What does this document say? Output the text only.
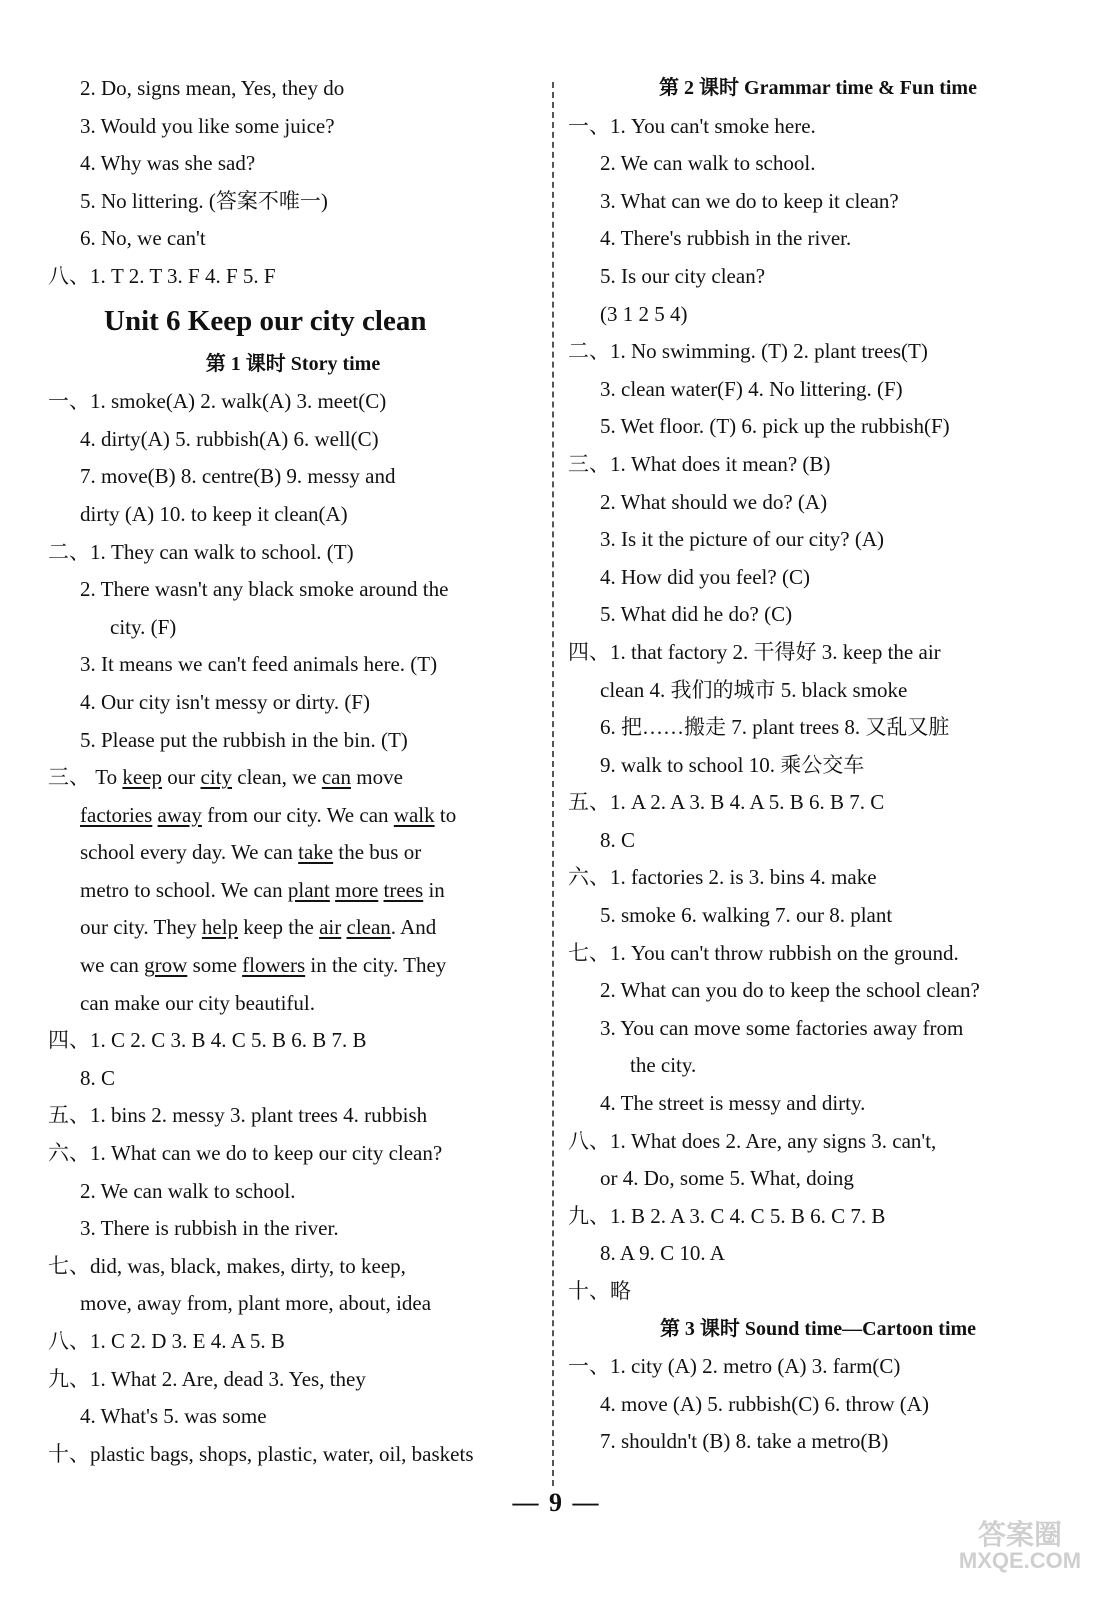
2. Do, signs mean, Yes, they do
3. Would you like some juice?
4. Why was she sad?
5. No littering. (答案不唯一)
6. No, we can't
八、1. T 2. T 3. F 4. F 5. F
Unit 6 Keep our city clean
第 1 课时 Story time
一、1. smoke(A) 2. walk(A) 3. meet(C)
4. dirty(A) 5. rubbish(A) 6. well(C)
7. move(B) 8. centre(B) 9. messy and
dirty (A) 10. to keep it clean(A)
二、1. They can walk to school. (T)
2. There wasn't any black smoke around the
city. (F)
3. It means we can't feed animals here. (T)
4. Our city isn't messy or dirty. (F)
5. Please put the rubbish in the bin. (T)
三、 To keep our city clean, we can move
factories away from our city. We can walk to
school every day. We can take the bus or
metro to school. We can plant more trees in
our city. They help keep the air clean. And
we can grow some flowers in the city. They
can make our city beautiful.
四、1. C 2. C 3. B 4. C 5. B 6. B 7. B
8. C
五、1. bins 2. messy 3. plant trees 4. rubbish
六、1. What can we do to keep our city clean?
2. We can walk to school.
3. There is rubbish in the river.
七、did, was, black, makes, dirty, to keep,
move, away from, plant more, about, idea
八、1. C 2. D 3. E 4. A 5. B
九、1. What 2. Are, dead 3. Yes, they
4. What's 5. was some
十、plastic bags, shops, plastic, water, oil, baskets
第 2 课时 Grammar time & Fun time
一、1. You can't smoke here.
2. We can walk to school.
3. What can we do to keep it clean?
4. There's rubbish in the river.
5. Is our city clean?
(3 1 2 5 4)
二、1. No swimming. (T) 2. plant trees(T)
3. clean water(F) 4. No littering. (F)
5. Wet floor. (T) 6. pick up the rubbish(F)
三、1. What does it mean? (B)
2. What should we do? (A)
3. Is it the picture of our city? (A)
4. How did you feel? (C)
5. What did he do? (C)
四、1. that factory 2. 干得好 3. keep the air
clean 4. 我们的城市 5. black smoke
6. 把……搬走 7. plant trees 8. 又乱又脏
9. walk to school 10. 乘公交车
五、1. A 2. A 3. B 4. A 5. B 6. B 7. C
8. C
六、1. factories 2. is 3. bins 4. make
5. smoke 6. walking 7. our 8. plant
七、1. You can't throw rubbish on the ground.
2. What can you do to keep the school clean?
3. You can move some factories away from
the city.
4. The street is messy and dirty.
八、1. What does 2. Are, any signs 3. can't,
or 4. Do, some 5. What, doing
九、1. B 2. A 3. C 4. C 5. B 6. C 7. B
8. A 9. C 10. A
十、略
第 3 课时 Sound time—Cartoon time
一、1. city (A) 2. metro (A) 3. farm(C)
4. move (A) 5. rubbish(C) 6. throw (A)
7. shouldn't (B) 8. take a metro(B)
— 9 —
答案圈
MXQE.COM
